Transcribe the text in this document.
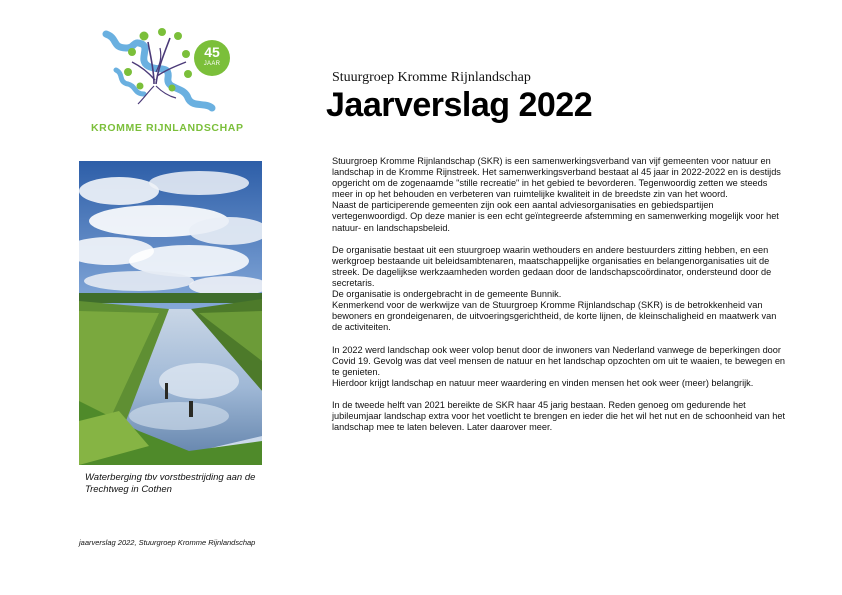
45
JAAR
KROMME RIJNLANDSCHAP
Stuurgroep Kromme Rijnlandschap
Jaarverslag 2022
Waterberging tbv vorstbestrijding aan de Trechtweg in Cothen

Stuurgroep Kromme Rijnlandschap (SKR) is een samenwerkingsverband van vijf gemeenten voor natuur en landschap in de Kromme Rijnstreek. Het samenwerkingsverband bestaat al 45 jaar in 2022-2022 en is destijds opgericht om de zogenaamde "stille recreatie" in het gebied te bevorderen. Tegenwoordig zetten we steeds meer in op het behouden en verbeteren van ruimtelijke kwaliteit in de breedste zin van het woord.
Naast de participerende gemeenten zijn ook een aantal adviesorganisaties en gebiedspartijen vertegenwoordigd. Op deze manier is een echt geïntegreerde afstemming en samenwerking mogelijk voor het natuur- en landschapsbeleid.

De organisatie bestaat uit een stuurgroep waarin wethouders en andere bestuurders zitting hebben, en een werkgroep bestaande uit beleidsambtenaren, maatschappelijke organisaties en belangenorganisaties uit de streek. De dagelijkse werkzaamheden worden gedaan door de landschapscoördinator, ondersteund door de secretaris.
De organisatie is ondergebracht in de gemeente Bunnik.
Kenmerkend voor de werkwijze van de Stuurgroep Kromme Rijnlandschap (SKR) is de betrokkenheid van bewoners en grondeigenaren, de uitvoeringsgerichtheid, de korte lijnen, de kleinschaligheid en maatwerk van de activiteiten.

In 2022 werd landschap ook weer volop benut door de inwoners van Nederland vanwege de beperkingen door Covid 19. Gevolg was dat veel mensen de natuur en het landschap opzochten om uit te waaien, te bewegen en te genieten.
Hierdoor krijgt landschap en natuur meer waardering en vinden mensen het ook weer (meer) belangrijk.

In de tweede helft van 2021 bereikte de SKR haar 45 jarig bestaan. Reden genoeg om gedurende het jubileumjaar landschap extra voor het voetlicht te brengen en ieder die het wil het nut en de schoonheid van het landschap mee te laten beleven. Later daarover meer.

jaarverslag 2022, Stuurgroep Kromme Rijnlandschap
